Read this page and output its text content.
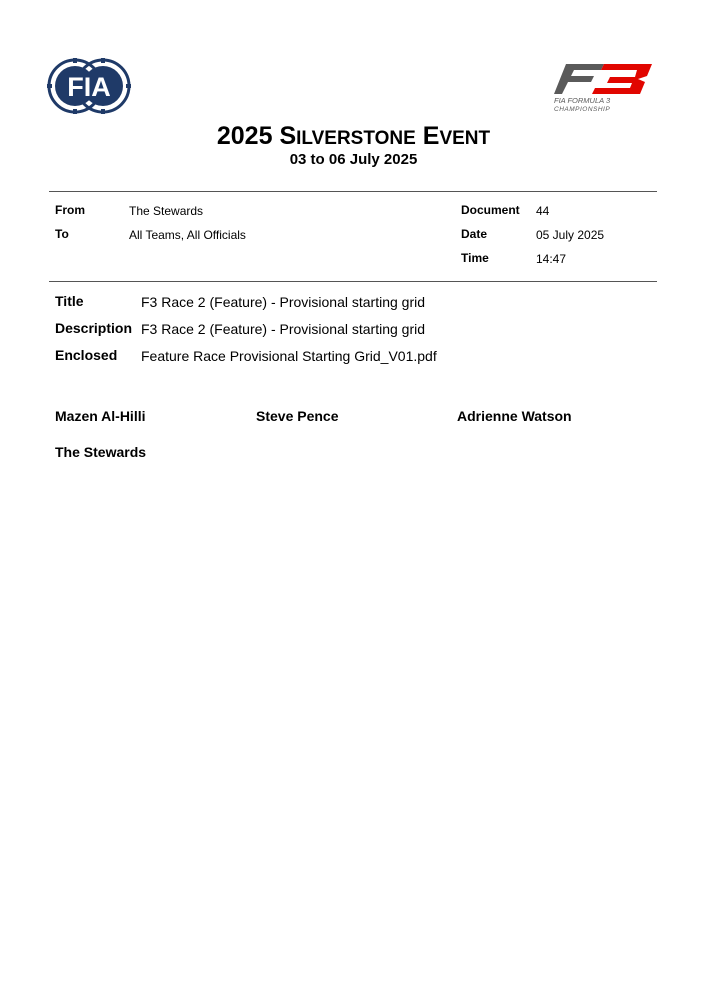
FIA	FIA FORMULA 3
CHAMPIONSHIP
2025 SILVERSTONE EVENT
03 to 06 July 2025
From	The Stewards
To	All Teams, All Officials
Document 44
Date	05 July 2025
Time	14:47
Title	F3 Race 2 (Feature) - Provisional starting grid
Description F3 Race 2 (Feature) - Provisional starting grid
Enclosed Feature Race Provisional Starting Grid_V01.pdf
Mazen Al-Hilli	Steve Pence	Adrienne Watson
The Stewards
